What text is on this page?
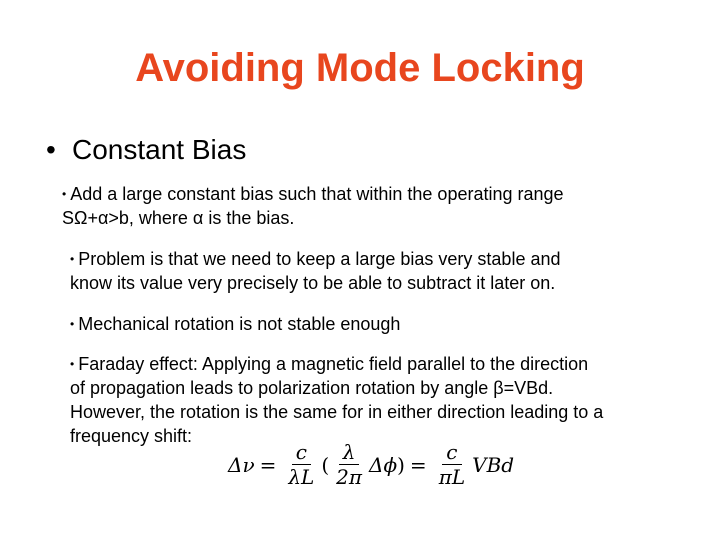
Avoiding Mode Locking
• Constant Bias
• Add a large constant bias such that within the operating range
SΩ+α>b, where α is the bias.
• Problem is that we need to keep a large bias very stable and
know its value very precisely to be able to subtract it later on.
• Mechanical rotation is not stable enough
• Faraday effect: Applying a magnetic field parallel to the direction
of propagation leads to polarization rotation by angle β=VBd.
However, the rotation is the same for in either direction leading to a
frequency shift:
$\Delta\nu = \frac{c}{\lambda L}$ ( $\frac{\lambda}{2\pi}$ Δϕ ) = $\frac{c}{\pi L}$ VBd
